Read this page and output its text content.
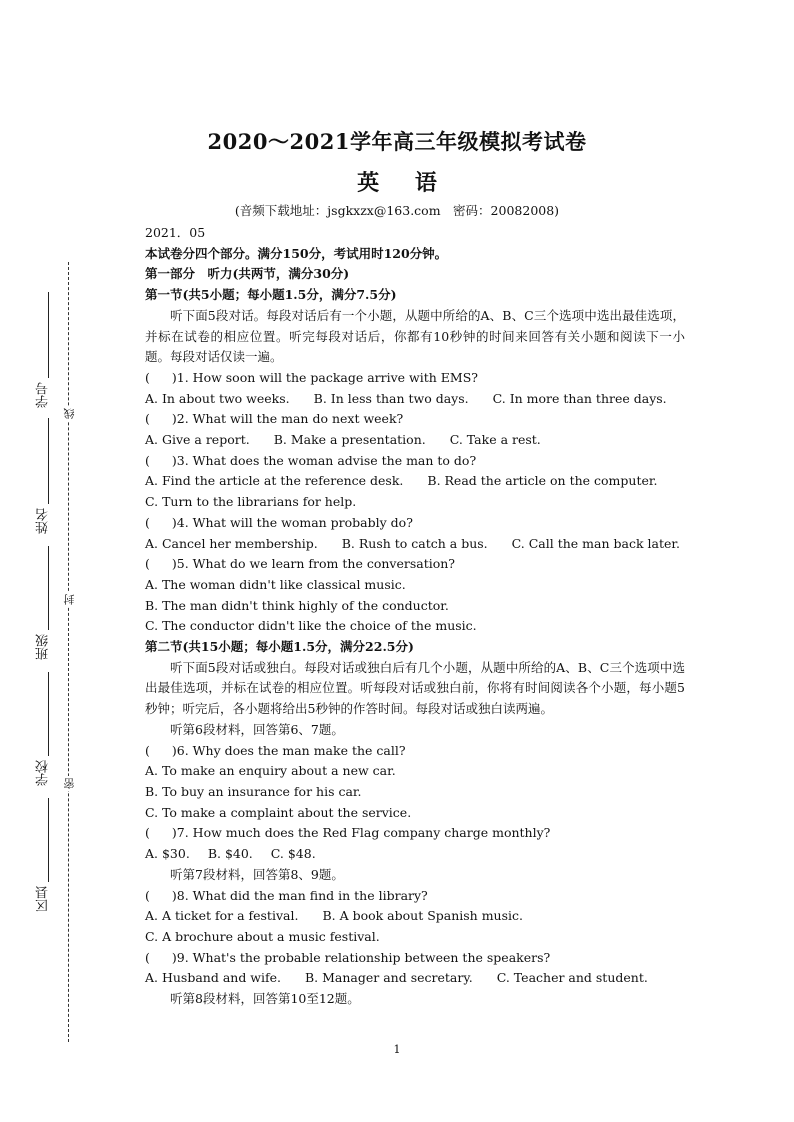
2020～2021学年高三年级模拟考试卷
英 语
(音频下载地址：jsgkxzx@163.com　密码：20082008)
学号
姓名
班级
学校
区县
线
封
密
2021．05
本试卷分四个部分。满分150分，考试用时120分钟。
第一部分　听力(共两节，满分30分)
第一节(共5小题；每小题1.5分，满分7.5分)
听下面5段对话。每段对话后有一个小题，从题中所给的A、B、C三个选项中选出最佳选项，并标在试卷的相应位置。听完每段对话后，你都有10秒钟的时间来回答有关小题和阅读下一小题。每段对话仅读一遍。
( )1. How soon will the package arrive with EMS?
A. In about two weeks. B. In less than two days. C. In more than three days.
( )2. What will the man do next week?
A. Give a report. B. Make a presentation. C. Take a rest.
( )3. What does the woman advise the man to do?
A. Find the article at the reference desk. B. Read the article on the computer.
C. Turn to the librarians for help.
( )4. What will the woman probably do?
A. Cancel her membership. B. Rush to catch a bus. C. Call the man back later.
( )5. What do we learn from the conversation?
A. The woman didn't like classical music.
B. The man didn't think highly of the conductor.
C. The conductor didn't like the choice of the music.
第二节(共15小题；每小题1.5分，满分22.5分)
听下面5段对话或独白。每段对话或独白后有几个小题，从题中所给的A、B、C三个选项中选出最佳选项，并标在试卷的相应位置。听每段对话或独白前，你将有时间阅读各个小题，每小题5秒钟；听完后，各小题将给出5秒钟的作答时间。每段对话或独白读两遍。
听第6段材料，回答第6、7题。
( )6. Why does the man make the call?
A. To make an enquiry about a new car.
B. To buy an insurance for his car.
C. To make a complaint about the service.
( )7. How much does the Red Flag company charge monthly?
A. $30. B. $40. C. $48.
听第7段材料，回答第8、9题。
( )8. What did the man find in the library?
A. A ticket for a festival. B. A book about Spanish music.
C. A brochure about a music festival.
( )9. What's the probable relationship between the speakers?
A. Husband and wife. B. Manager and secretary. C. Teacher and student.
听第8段材料，回答第10至12题。
1
